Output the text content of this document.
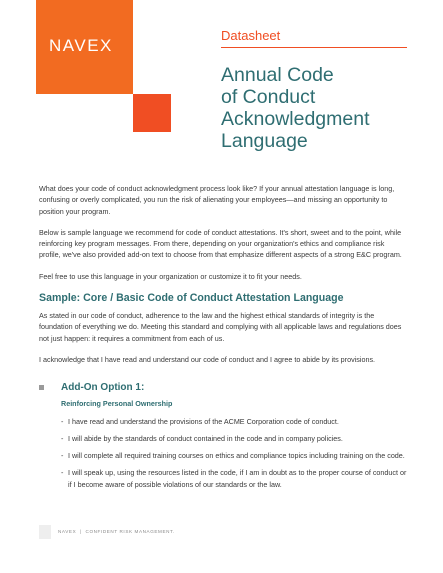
NAVEX
Datasheet
Annual Code
of Conduct
Acknowledgment
Language

What does your code of conduct acknowledgment process look like? If your annual attestation language is long, confusing or overly complicated, you run the risk of alienating your employees—and missing an opportunity to position your program.

Below is sample language we recommend for code of conduct attestations. It's short, sweet and to the point, while reinforcing key program messages. From there, depending on your organization's ethics and compliance risk profile, we've also provided add-on text to choose from that emphasize different aspects of a strong E&C program.

Feel free to use this language in your organization or customize it to fit your needs.

Sample: Core / Basic Code of Conduct Attestation Language

As stated in our code of conduct, adherence to the law and the highest ethical standards of integrity is the foundation of everything we do. Meeting this standard and complying with all applicable laws and regulations does not just happen: it requires a commitment from each of us.

I acknowledge that I have read and understand our code of conduct and I agree to abide by its provisions.

Add-On Option 1:
Reinforcing Personal Ownership
- I have read and understand the provisions of the ACME Corporation code of conduct.
- I will abide by the standards of conduct contained in the code and in company policies.
- I will complete all required training courses on ethics and compliance topics including training on the code.
- I will speak up, using the resources listed in the code, if I am in doubt as to the proper course of conduct or if I become aware of possible violations of our standards or the law.
NAVEX  |  CONFIDENT RISK MANAGEMENT.
